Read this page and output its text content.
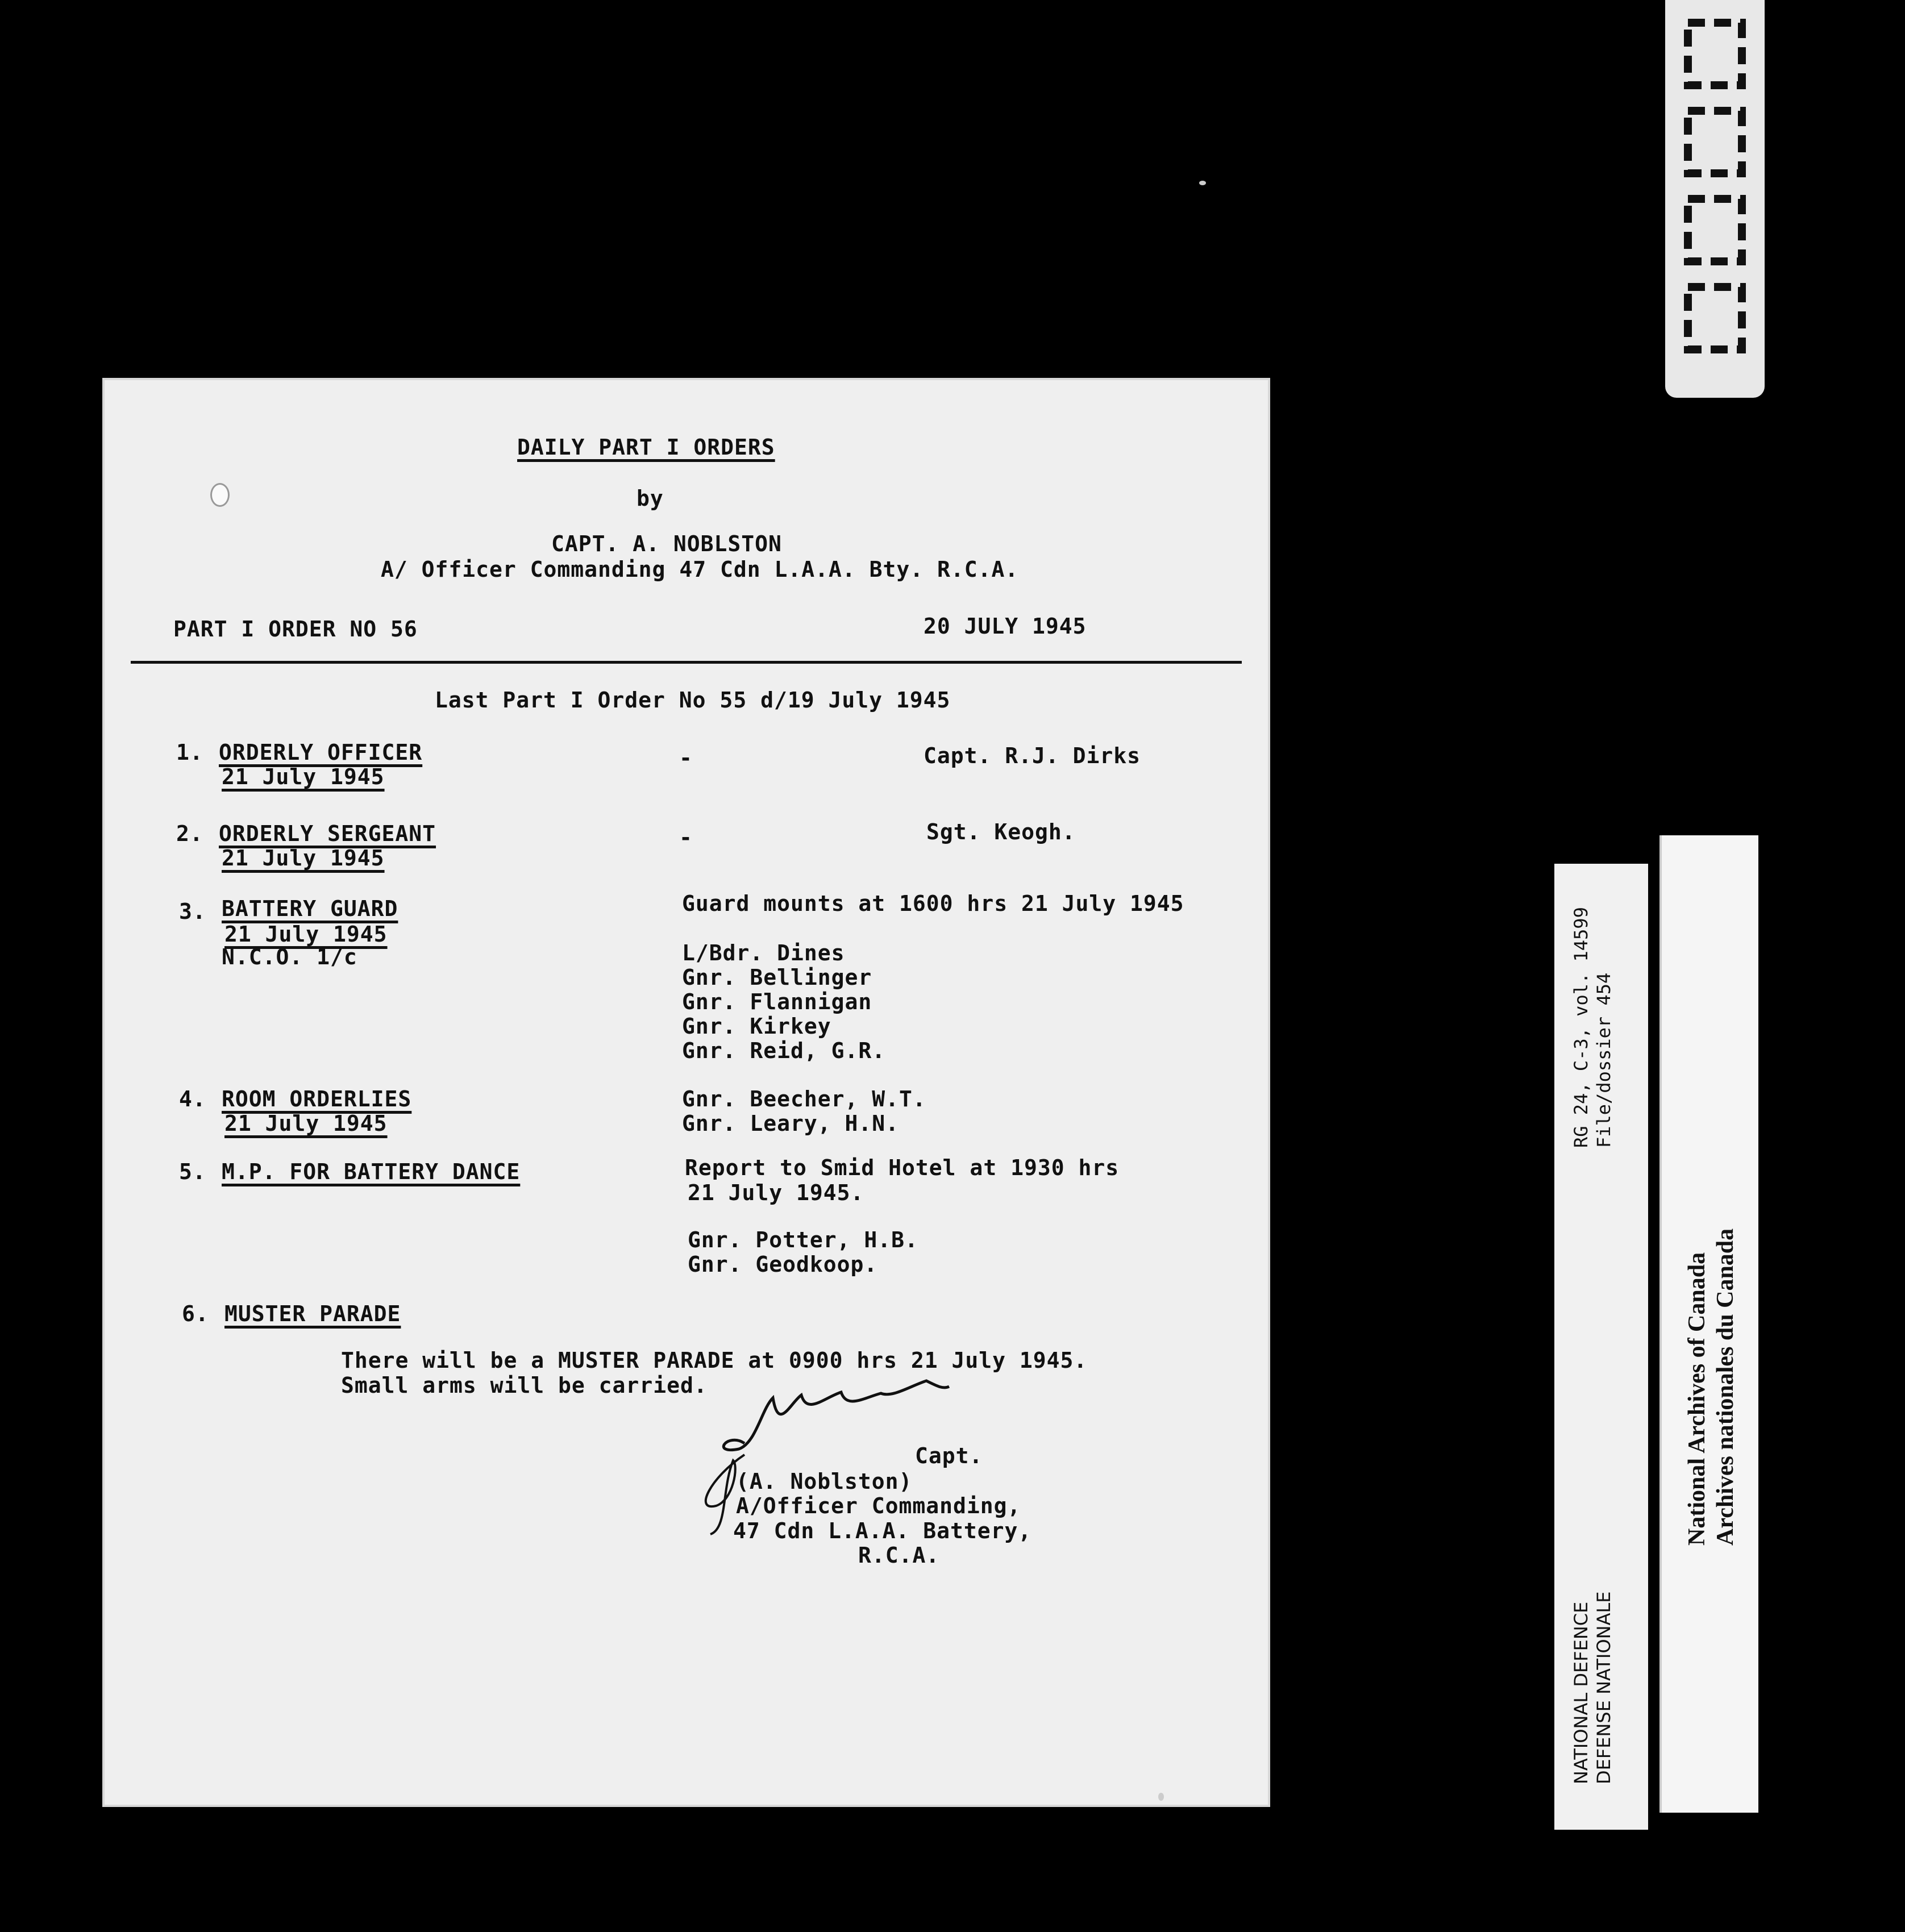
DAILY PART I ORDERS
by
CAPT. A. NOBLSTON
A/ Officer Commanding 47 Cdn L.A.A. Bty. R.C.A.
PART I ORDER NO 56	20 JULY 1945
Last Part I Order No 55 d/19 July 1945
1. ORDERLY OFFICER
21 July 1945
-	Capt. R.J. Dirks
2. ORDERLY SERGEANT
21 July 1945
-	Sgt. Keogh.
3. BATTERY GUARD
21 July 1945
N.C.O. 1/c
Guard mounts at 1600 hrs 21 July 1945
L/Bdr. Dines
Gnr. Bellinger
Gnr. Flannigan
Gnr. Kirkey
Gnr. Reid, G.R.
4. ROOM ORDERLIES
21 July 1945
Gnr. Beecher, W.T.
Gnr. Leary, H.N.
5. M.P. FOR BATTERY DANCE	Report to Smid Hotel at 1930 hrs
21 July 1945.
Gnr. Potter, H.B.
Gnr. Geodkoop.
6. MUSTER PARADE
There will be a MUSTER PARADE at 0900 hrs 21 July 1945.
Small arms will be carried.
Capt.
(A. Noblston)
A/Officer Commanding,
47 Cdn L.A.A. Battery,
R.C.A.
RG 24, C-3, vol. 14599 File/dossier 454
NATIONAL DEFENCE DEFENSE NATIONALE
National Archives of Canada Archives nationales du Canada
